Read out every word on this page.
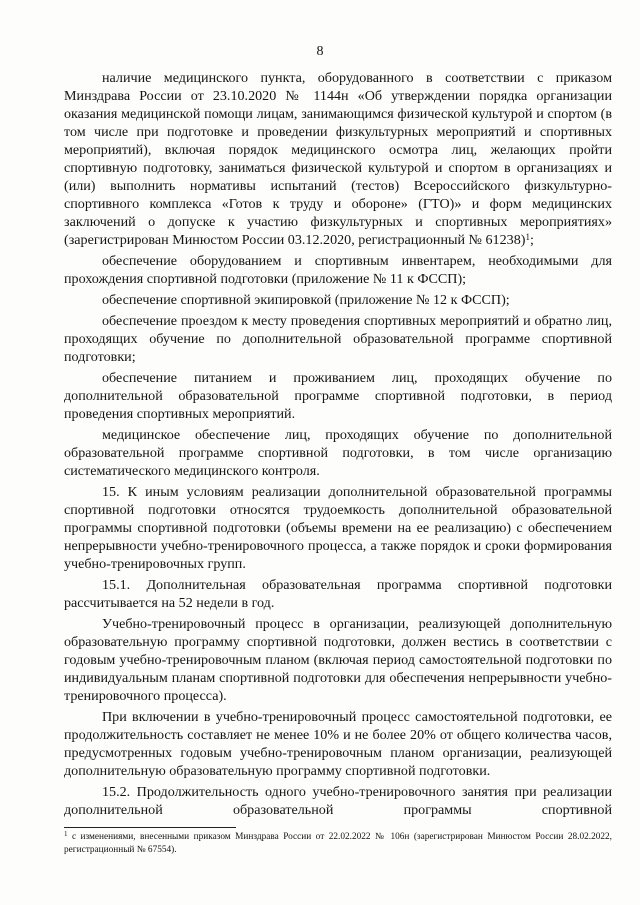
8

наличие медицинского пункта, оборудованного в соответствии с приказом Минздрава России от 23.10.2020 № 1144н «Об утверждении порядка организации оказания медицинской помощи лицам, занимающимся физической культурой и спортом (в том числе при подготовке и проведении физкультурных мероприятий и спортивных мероприятий), включая порядок медицинского осмотра лиц, желающих пройти спортивную подготовку, заниматься физической культурой и спортом в организациях и (или) выполнить нормативы испытаний (тестов) Всероссийского физкультурно-спортивного комплекса «Готов к труду и обороне» (ГТО)» и форм медицинских заключений о допуске к участию физкультурных и спортивных мероприятиях» (зарегистрирован Минюстом России 03.12.2020, регистрационный № 61238)$^1$;

обеспечение оборудованием и спортивным инвентарем, необходимыми для прохождения спортивной подготовки (приложение № 11 к ФССП);

обеспечение спортивной экипировкой (приложение № 12 к ФССП);

обеспечение проездом к месту проведения спортивных мероприятий и обратно лиц, проходящих обучение по дополнительной образовательной программе спортивной подготовки;

обеспечение питанием и проживанием лиц, проходящих обучение по дополнительной образовательной программе спортивной подготовки, в период проведения спортивных мероприятий.

медицинское обеспечение лиц, проходящих обучение по дополнительной образовательной программе спортивной подготовки, в том числе организацию систематического медицинского контроля.

15. К иным условиям реализации дополнительной образовательной программы спортивной подготовки относятся трудоемкость дополнительной образовательной программы спортивной подготовки (объемы времени на ее реализацию) с обеспечением непрерывности учебно-тренировочного процесса, а также порядок и сроки формирования учебно-тренировочных групп.

15.1. Дополнительная образовательная программа спортивной подготовки рассчитывается на 52 недели в год.

Учебно-тренировочный процесс в организации, реализующей дополнительную образовательную программу спортивной подготовки, должен вестись в соответствии с годовым учебно-тренировочным планом (включая период самостоятельной подготовки по индивидуальным планам спортивной подготовки для обеспечения непрерывности учебно-тренировочного процесса).

При включении в учебно-тренировочный процесс самостоятельной подготовки, ее продолжительность составляет не менее 10% и не более 20% от общего количества часов, предусмотренных годовым учебно-тренировочным планом организации, реализующей дополнительную образовательную программу спортивной подготовки.

15.2. Продолжительность одного учебно-тренировочного занятия при реализации дополнительной образовательной программы спортивной

$^1$ с изменениями, внесенными приказом Минздрава России от 22.02.2022 № 106н (зарегистрирован Минюстом России 28.02.2022, регистрационный № 67554).
